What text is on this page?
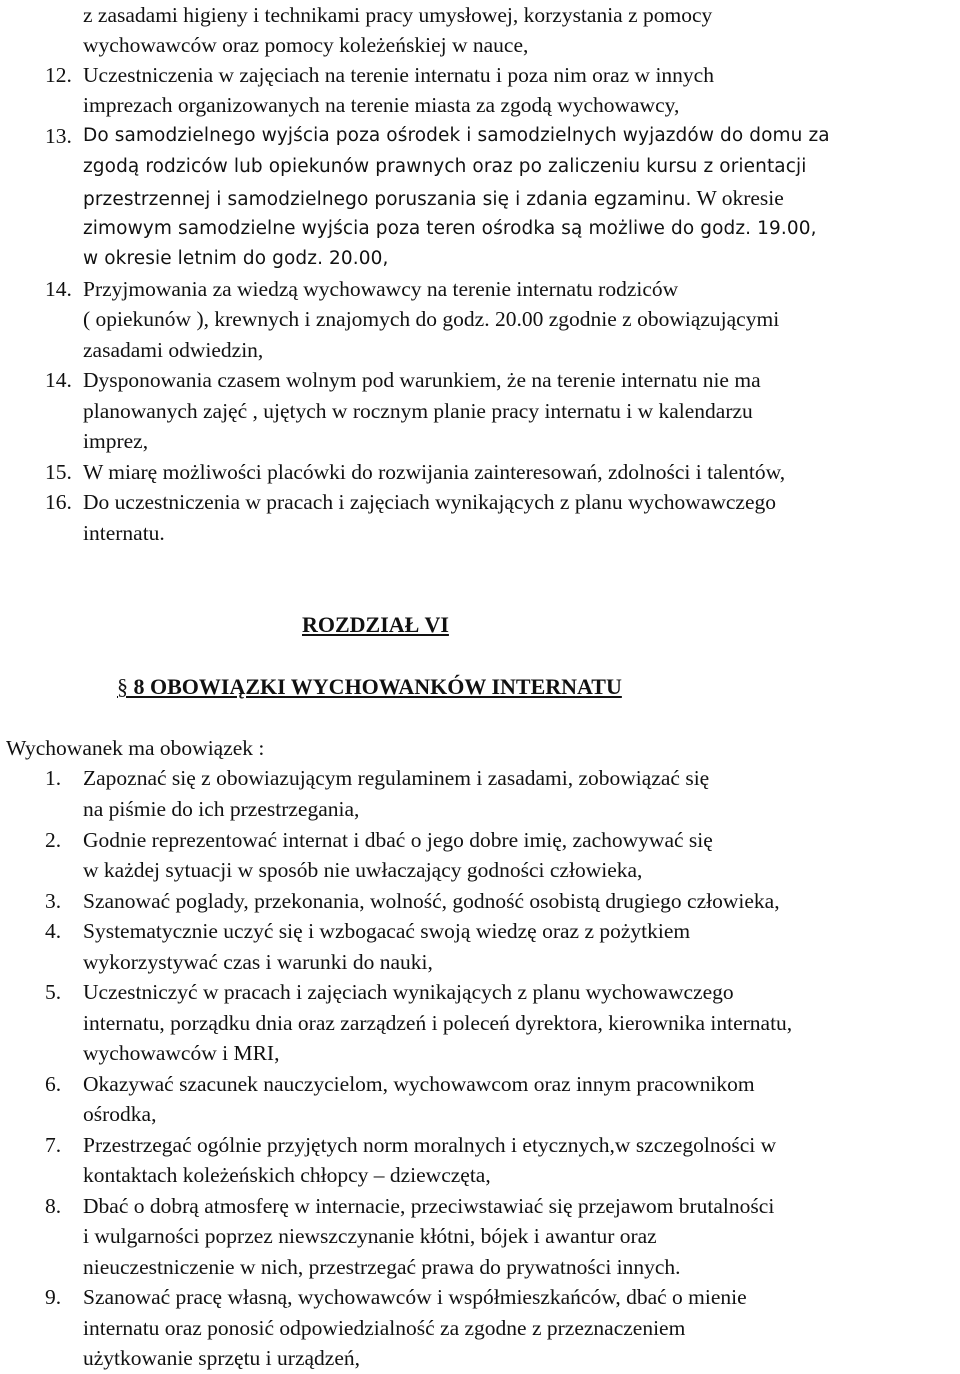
z zasadami higieny i technikami pracy umysłowej, korzystania z pomocy
wychowawców oraz pomocy koleżeńskiej w nauce,
12. Uczestniczenia w zajęciach na terenie internatu i poza nim oraz w innych
imprezach organizowanych na terenie miasta za zgodą wychowawcy,
13. Do samodzielnego wyjścia poza ośrodek i samodzielnych wyjazdów do domu za
zgodą rodziców lub opiekunów prawnych oraz po zaliczeniu kursu z orientacji
przestrzennej i samodzielnego poruszania się i zdania egzaminu. W okresie
zimowym samodzielne wyjścia poza teren ośrodka są możliwe do godz. 19.00,
w okresie letnim do godz. 20.00,
14. Przyjmowania za wiedzą wychowawcy na terenie internatu rodziców
( opiekunów ), krewnych i znajomych do godz. 20.00 zgodnie z obowiązującymi
zasadami odwiedzin,
14. Dysponowania czasem wolnym pod warunkiem, że na terenie internatu nie ma
planowanych zajęć , ujętych w rocznym planie pracy internatu i w kalendarzu
imprez,
15. W miarę możliwości placówki do rozwijania zainteresowań, zdolności i talentów,
16. Do uczestniczenia w pracach i zajęciach wynikających z planu wychowawczego
internatu.
ROZDZIAŁ VI
§ 8 OBOWIĄZKI WYCHOWANKÓW INTERNATU
Wychowanek ma obowiązek :
1. Zapoznać się z obowiazującym regulaminem i zasadami, zobowiązać się
na piśmie do ich przestrzegania,
2. Godnie reprezentować internat i dbać o jego dobre imię, zachowywać się
w każdej sytuacji w sposób nie uwłaczający godności człowieka,
3. Szanować poglady, przekonania, wolność, godność osobistą drugiego człowieka,
4. Systematycznie uczyć się i wzbogacać swoją wiedzę oraz z pożytkiem
wykorzystywać czas i warunki do nauki,
5. Uczestniczyć w pracach i zajęciach wynikających z planu wychowawczego
internatu, porządku dnia oraz zarządzeń i poleceń dyrektora, kierownika internatu,
wychowawców i MRI,
6. Okazywać szacunek nauczycielom, wychowawcom oraz innym pracownikom
ośrodka,
7. Przestrzegać ogólnie przyjętych norm moralnych i etycznych,w szczegolności w
kontaktach koleżeńskich chłopcy – dziewczęta,
8. Dbać o dobrą atmosferę w internacie, przeciwstawiać się przejawom brutalności
i wulgarności poprzez niewszczynanie kłótni, bójek i awantur oraz
nieuczestniczenie w nich, przestrzegać prawa do prywatności innych.
9. Szanować pracę własną, wychowawców i współmieszkańców, dbać o mienie
internatu oraz ponosić odpowiedzialność za zgodne z przeznaczeniem
użytkowanie sprzętu i urządzeń,
